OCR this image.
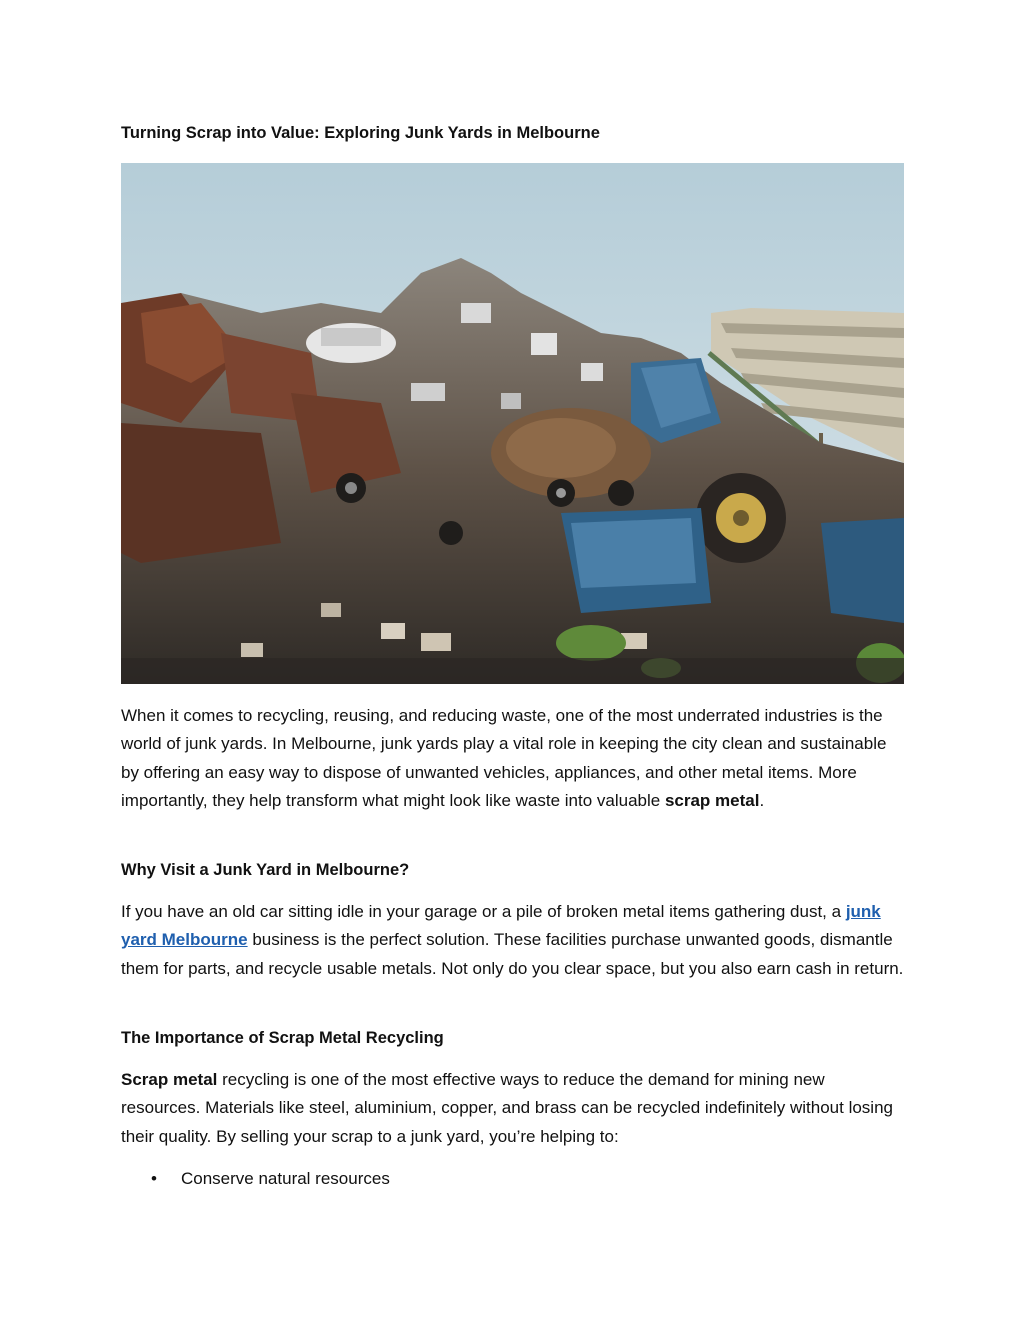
Turning Scrap into Value: Exploring Junk Yards in Melbourne

When it comes to recycling, reusing, and reducing waste, one of the most underrated industries is the world of junk yards. In Melbourne, junk yards play a vital role in keeping the city clean and sustainable by offering an easy way to dispose of unwanted vehicles, appliances, and other metal items. More importantly, they help transform what might look like waste into valuable scrap metal.

Why Visit a Junk Yard in Melbourne?

If you have an old car sitting idle in your garage or a pile of broken metal items gathering dust, a junk yard Melbourne business is the perfect solution. These facilities purchase unwanted goods, dismantle them for parts, and recycle usable metals. Not only do you clear space, but you also earn cash in return.

The Importance of Scrap Metal Recycling

Scrap metal recycling is one of the most effective ways to reduce the demand for mining new resources. Materials like steel, aluminium, copper, and brass can be recycled indefinitely without losing their quality. By selling your scrap to a junk yard, you’re helping to:

• Conserve natural resources
